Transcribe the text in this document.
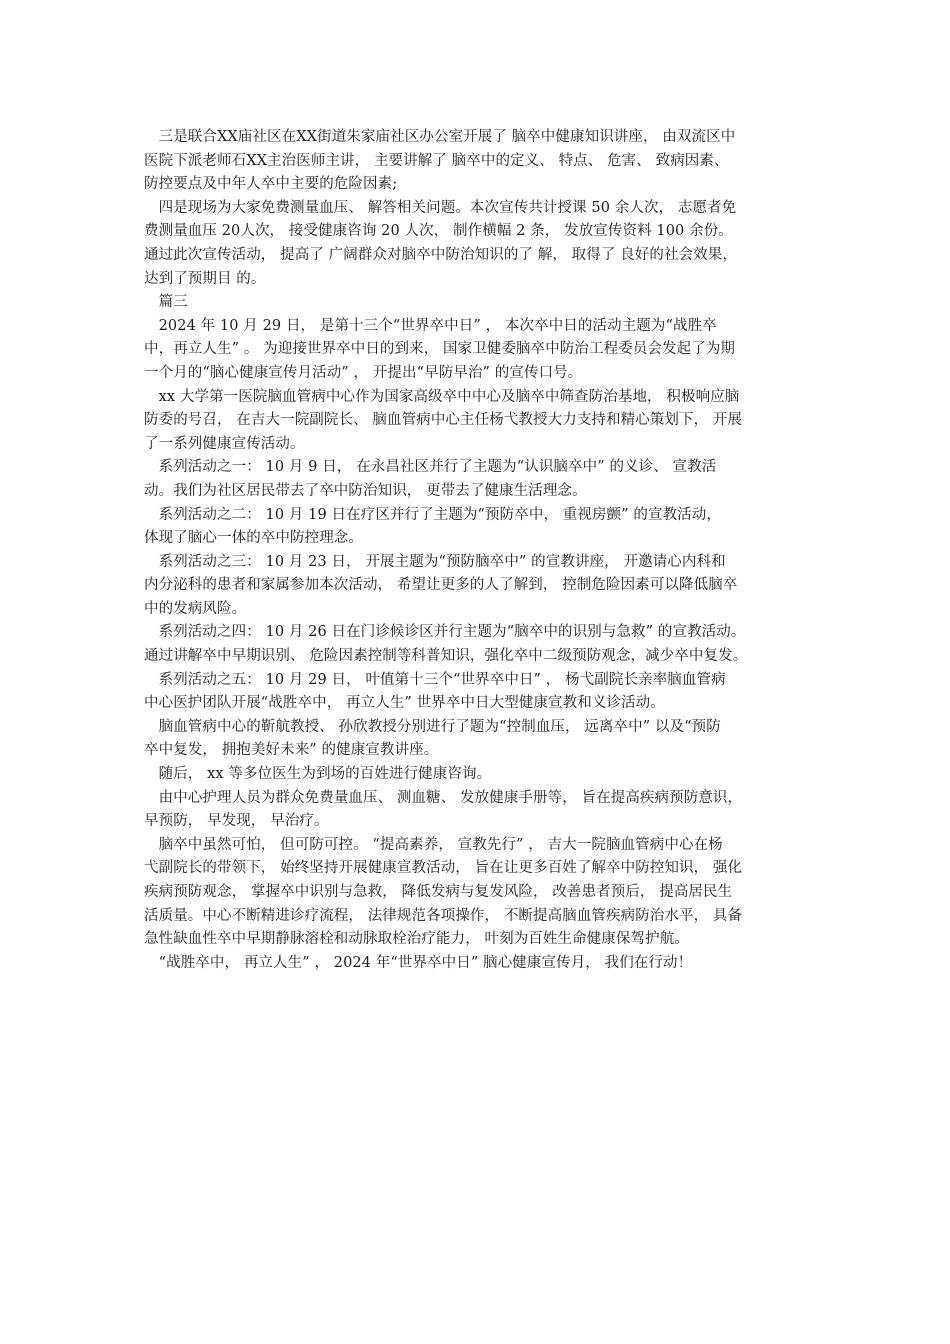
　三是联合XX庙社区在XX街道朱家庙社区办公室开展了 脑卒中健康知识讲座， 由双流区中
医院下派老师石XX主治医师主讲， 主要讲解了 脑卒中的定义、 特点、 危害、 致病因素、
防控要点及中年人卒中主要的危险因素;
　四是现场为大家免费测量血压、 解答相关问题。本次宣传共计授课 50 余人次， 志愿者免
费测量血压 20人次， 接受健康咨询 20 人次， 制作横幅 2 条， 发放宣传资料 100 余份。
通过此次宣传活动， 提高了 广阔群众对脑卒中防治知识的了 解， 取得了 良好的社会效果，
达到了预期目 的。
　篇三
　2024 年 10 月 29 日， 是第十三个“世界卒中日” ， 本次卒中日的活动主题为“战胜卒
中，再立人生” 。 为迎接世界卒中日的到来， 国家卫健委脑卒中防治工程委员会发起了为期
一个月的“脑心健康宣传月活动” ， 开提出“早防早治” 的宣传口号。
　xx 大学第一医院脑血管病中心作为国家高级卒中中心及脑卒中筛查防治基地， 积极响应脑
防委的号召， 在吉大一院副院长、 脑血管病中心主任杨弋教授大力支持和精心策划下， 开展
了一系列健康宣传活动。
　系列活动之一： 10 月 9 日， 在永昌社区并行了主题为“认识脑卒中” 的义诊、 宣教活
动。我们为社区居民带去了卒中防治知识， 更带去了健康生活理念。
　系列活动之二： 10 月 19 日在疗区并行了主题为“预防卒中， 重视房颤” 的宣教活动，
体现了脑心一体的卒中防控理念。
　系列活动之三： 10 月 23 日， 开展主题为“预防脑卒中” 的宣教讲座， 开邀请心内科和
内分泌科的患者和家属参加本次活动， 希望让更多的人了解到， 控制危险因素可以降低脑卒
中的发病风险。
　系列活动之四： 10 月 26 日在门诊候诊区并行主题为“脑卒中的识别与急救” 的宣教活动。
通过讲解卒中早期识别、 危险因素控制等科普知识，强化卒中二级预防观念，减少卒中复发。
　系列活动之五： 10 月 29 日， 叶值第十三个“世界卒中日” ， 杨弋副院长亲率脑血管病
中心医护团队开展“战胜卒中， 再立人生” 世界卒中日大型健康宣教和义诊活动。
　脑血管病中心的靳航教授、 孙欣教授分别进行了题为“控制血压， 远离卒中” 以及“预防
卒中复发， 拥抱美好未来” 的健康宣教讲座。
　随后， xx 等多位医生为到场的百姓进行健康咨询。
　由中心护理人员为群众免费量血压、 测血糖、 发放健康手册等， 旨在提高疾病预防意识，
早预防， 早发现， 早治疗。
　脑卒中虽然可怕， 但可防可控。 “提高素养， 宣教先行” ， 吉大一院脑血管病中心在杨
弋副院长的带领下， 始终坚持开展健康宣教活动， 旨在让更多百姓了解卒中防控知识， 强化
疾病预防观念， 掌握卒中识别与急救， 降低发病与复发风险， 改善患者预后， 提高居民生
活质量。中心不断精进诊疗流程， 法律规范各项操作， 不断提高脑血管疾病防治水平， 具备
急性缺血性卒中早期静脉溶栓和动脉取栓治疗能力， 叶刻为百姓生命健康保驾护航。
　“战胜卒中， 再立人生” ， 2024 年“世界卒中日” 脑心健康宣传月， 我们在行动！
